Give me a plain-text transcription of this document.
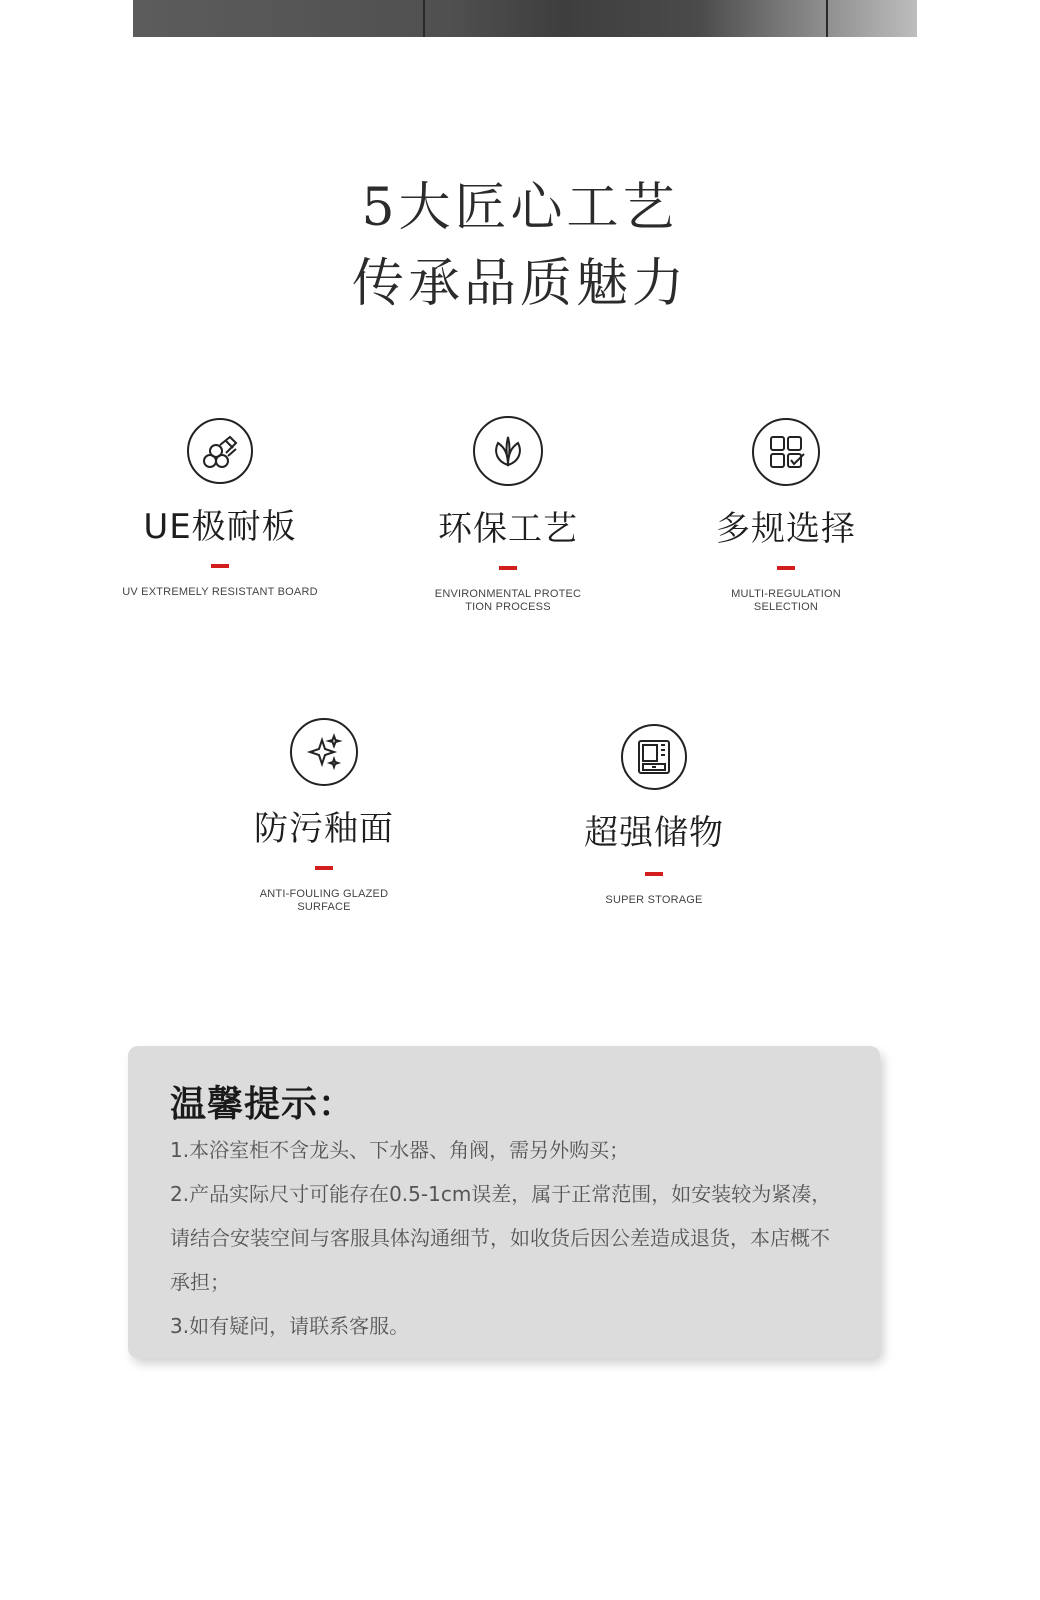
5大匠心工艺
传承品质魅力
UE极耐板
UV EXTREMELY RESISTANT BOARD
环保工艺
ENVIRONMENTAL PROTEC
TION PROCESS
多规选择
MULTI-REGULATION
SELECTION
防污釉面
ANTI-FOULING GLAZED
SURFACE
超强储物
SUPER STORAGE
温馨提示：

1.本浴室柜不含龙头、下水器、角阀，需另外购买；

2.产品实际尺寸可能存在0.5-1cm误差，属于正常范围，如安装较为紧凑，请结合安装空间与客服具体沟通细节，如收货后因公差造成退货，本店概不承担；

3.如有疑问，请联系客服。
